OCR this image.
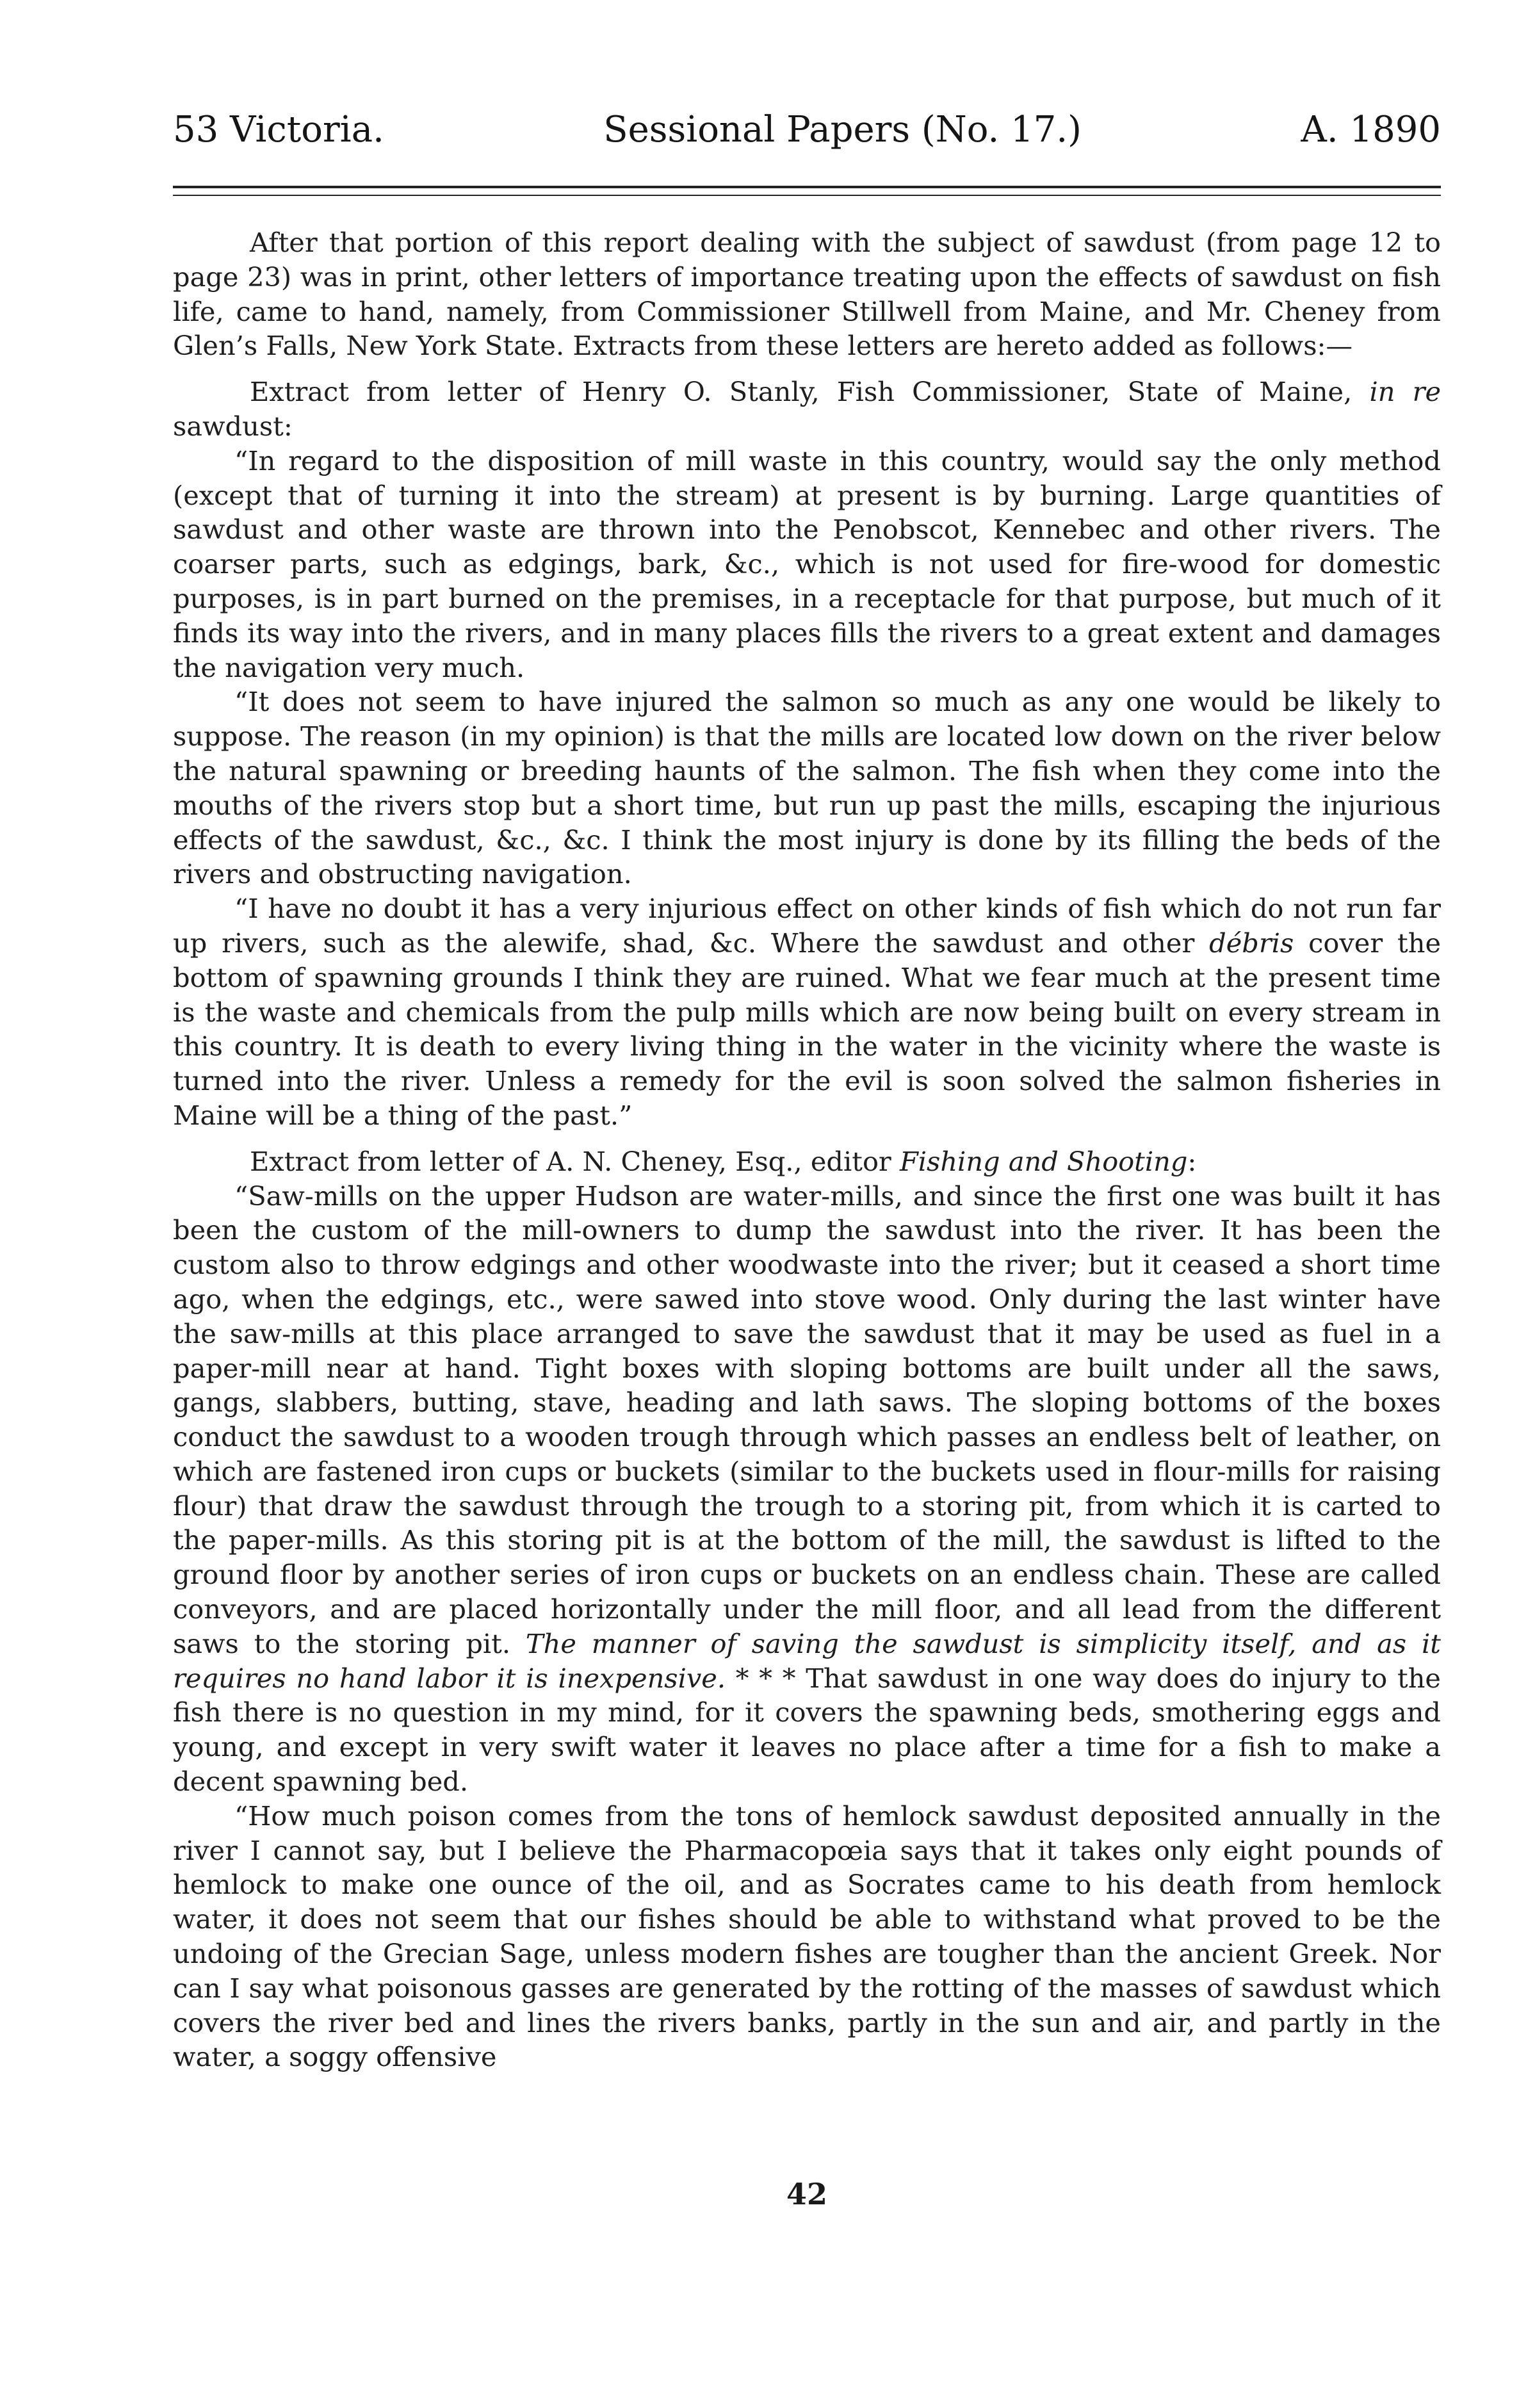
53 Victoria.	Sessional Papers (No. 17.)	A. 1890

After that portion of this report dealing with the subject of sawdust (from page 12 to page 23) was in print, other letters of importance treating upon the effects of sawdust on fish life, came to hand, namely, from Commissioner Stillwell from Maine, and Mr. Cheney from Glen’s Falls, New York State. Extracts from these letters are hereto added as follows:—

Extract from letter of Henry O. Stanly, Fish Commissioner, State of Maine, in re sawdust:

“In regard to the disposition of mill waste in this country, would say the only method (except that of turning it into the stream) at present is by burning. Large quantities of sawdust and other waste are thrown into the Penobscot, Kennebec and other rivers. The coarser parts, such as edgings, bark, &c., which is not used for fire-wood for domestic purposes, is in part burned on the premises, in a receptacle for that purpose, but much of it finds its way into the rivers, and in many places fills the rivers to a great extent and damages the navigation very much.

“It does not seem to have injured the salmon so much as any one would be likely to suppose. The reason (in my opinion) is that the mills are located low down on the river below the natural spawning or breeding haunts of the salmon. The fish when they come into the mouths of the rivers stop but a short time, but run up past the mills, escaping the injurious effects of the sawdust, &c., &c. I think the most injury is done by its filling the beds of the rivers and obstructing navigation.

“I have no doubt it has a very injurious effect on other kinds of fish which do not run far up rivers, such as the alewife, shad, &c. Where the sawdust and other débris cover the bottom of spawning grounds I think they are ruined. What we fear much at the present time is the waste and chemicals from the pulp mills which are now being built on every stream in this country. It is death to every living thing in the water in the vicinity where the waste is turned into the river. Unless a remedy for the evil is soon solved the salmon fisheries in Maine will be a thing of the past.”

Extract from letter of A. N. Cheney, Esq., editor Fishing and Shooting:

“Saw-mills on the upper Hudson are water-mills, and since the first one was built it has been the custom of the mill-owners to dump the sawdust into the river. It has been the custom also to throw edgings and other woodwaste into the river; but it ceased a short time ago, when the edgings, etc., were sawed into stove wood. Only during the last winter have the saw-mills at this place arranged to save the sawdust that it may be used as fuel in a paper-mill near at hand. Tight boxes with sloping bottoms are built under all the saws, gangs, slabbers, butting, stave, heading and lath saws. The sloping bottoms of the boxes conduct the sawdust to a wooden trough through which passes an endless belt of leather, on which are fastened iron cups or buckets (similar to the buckets used in flour-mills for raising flour) that draw the sawdust through the trough to a storing pit, from which it is carted to the paper-mills. As this storing pit is at the bottom of the mill, the sawdust is lifted to the ground floor by another series of iron cups or buckets on an endless chain. These are called conveyors, and are placed horizontally under the mill floor, and all lead from the different saws to the storing pit. The manner of saving the sawdust is simplicity itself, and as it requires no hand labor it is inexpensive. * * * That sawdust in one way does do injury to the fish there is no question in my mind, for it covers the spawning beds, smothering eggs and young, and except in very swift water it leaves no place after a time for a fish to make a decent spawning bed.

“How much poison comes from the tons of hemlock sawdust deposited annually in the river I cannot say, but I believe the Pharmacopœia says that it takes only eight pounds of hemlock to make one ounce of the oil, and as Socrates came to his death from hemlock water, it does not seem that our fishes should be able to withstand what proved to be the undoing of the Grecian Sage, unless modern fishes are tougher than the ancient Greek. Nor can I say what poisonous gasses are generated by the rotting of the masses of sawdust which covers the river bed and lines the rivers banks, partly in the sun and air, and partly in the water, a soggy offensive

42
